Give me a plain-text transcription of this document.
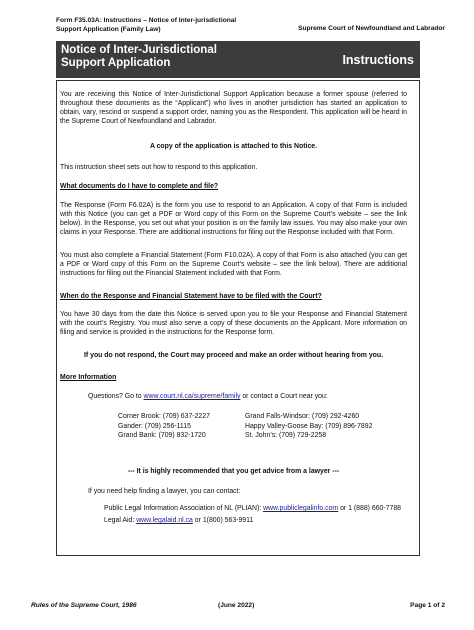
Form F35.03A: Instructions – Notice of Inter-jurisdictional
Support Application (Family Law)	Supreme Court of Newfoundland and Labrador
Notice of Inter-Jurisdictional
Support Application	Instructions
You are receiving this Notice of Inter-Jurisdictional Support Application because a former spouse (referred to throughout these documents as the “Applicant”) who lives in another jurisdiction has started an application to obtain, vary, rescind or suspend a support order, naming you as the Respondent. This application will be heard in the Supreme Court of Newfoundland and Labrador.
A copy of the application is attached to this Notice.
This instruction sheet sets out how to respond to this application.
What documents do I have to complete and file?
The Response (Form F6.02A) is the form you use to respond to an Application. A copy of that Form is included with this Notice (you can get a PDF or Word copy of this Form on the Supreme Court’s website – see the link below). In the Response, you set out what your position is on the family law issues. You may also make your own claims in your Response. There are additional instructions for filing out the Response included with that Form.
You must also complete a Financial Statement (Form F10.02A). A copy of that Form is also attached (you can get a PDF or Word copy of this Form on the Supreme Court’s website – see the link below). There are additional instructions for filing out the Financial Statement included with that Form.
When do the Response and Financial Statement have to be filed with the Court?
You have 30 days from the date this Notice is served upon you to file your Response and Financial Statement with the court’s Registry. You must also serve a copy of these documents on the Applicant. More information on filing and service is provided in the instructions for the Response form.
If you do not respond, the Court may proceed and make an order without hearing from you.
More Information
Questions? Go to www.court.nl.ca/supreme/family or contact a Court near you:
Corner Brook: (709) 637-2227
Gander: (709) 256-1115
Grand Bank: (709) 832-1720
Grand Falls-Windsor: (709) 292-4260
Happy Valley-Goose Bay: (709) 896-7892
St. John’s: (709) 729-2258
--- It is highly recommended that you get advice from a lawyer ---
If you need help finding a lawyer, you can contact:
Public Legal Information Association of NL (PLIAN): www.publiclegalinfo.com or 1 (888) 660-7788
Legal Aid: www.legalaid.nl.ca or 1(800) 563-9911
Rules of the Supreme Court, 1986	(June 2022)	Page 1 of 2
